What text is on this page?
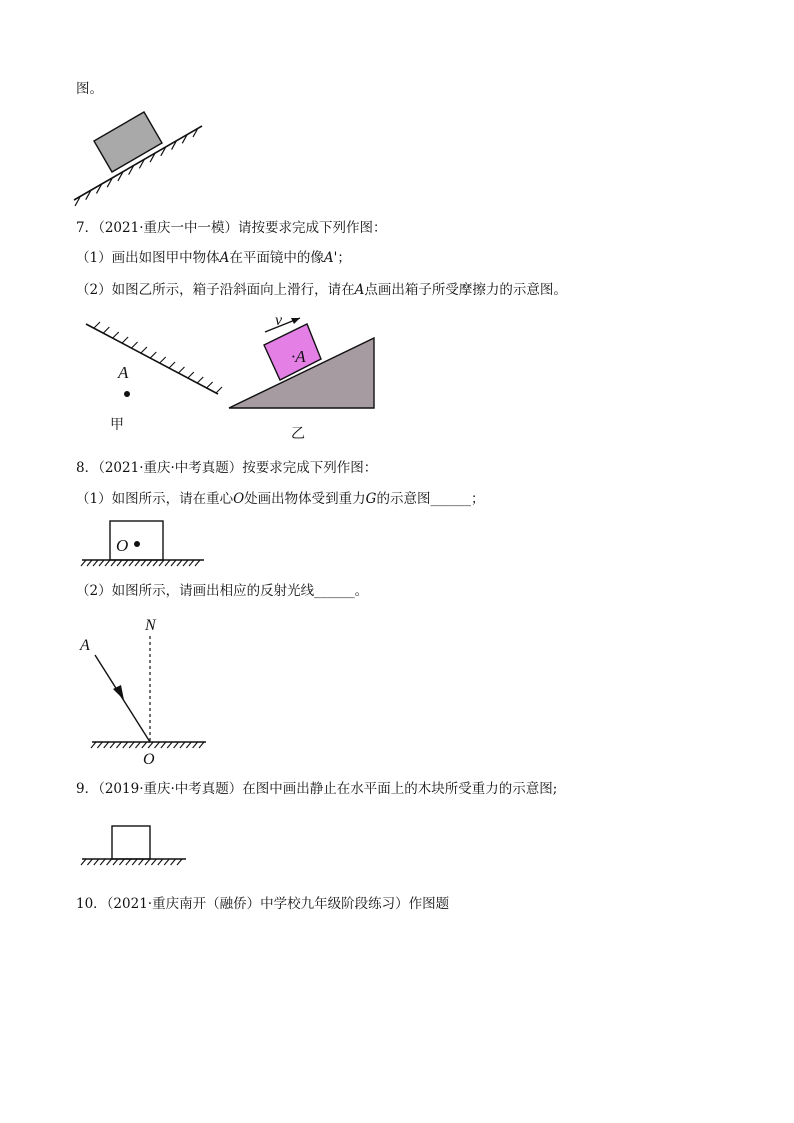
图。
7．（2021·重庆一中一模）请按要求完成下列作图：
（1）画出如图甲中物体A在平面镜中的像A'；
（2）如图乙所示，箱子沿斜面向上滑行，请在A点画出箱子所受摩擦力的示意图。
A
甲
·A
v
乙
8．（2021·重庆·中考真题）按要求完成下列作图：
（1）如图所示，请在重心O处画出物体受到重力G的示意图______；
O
（2）如图所示，请画出相应的反射光线______。
N
A
O
9．（2019·重庆·中考真题）在图中画出静止在水平面上的木块所受重力的示意图;
10．（2021·重庆南开（融侨）中学校九年级阶段练习）作图题
